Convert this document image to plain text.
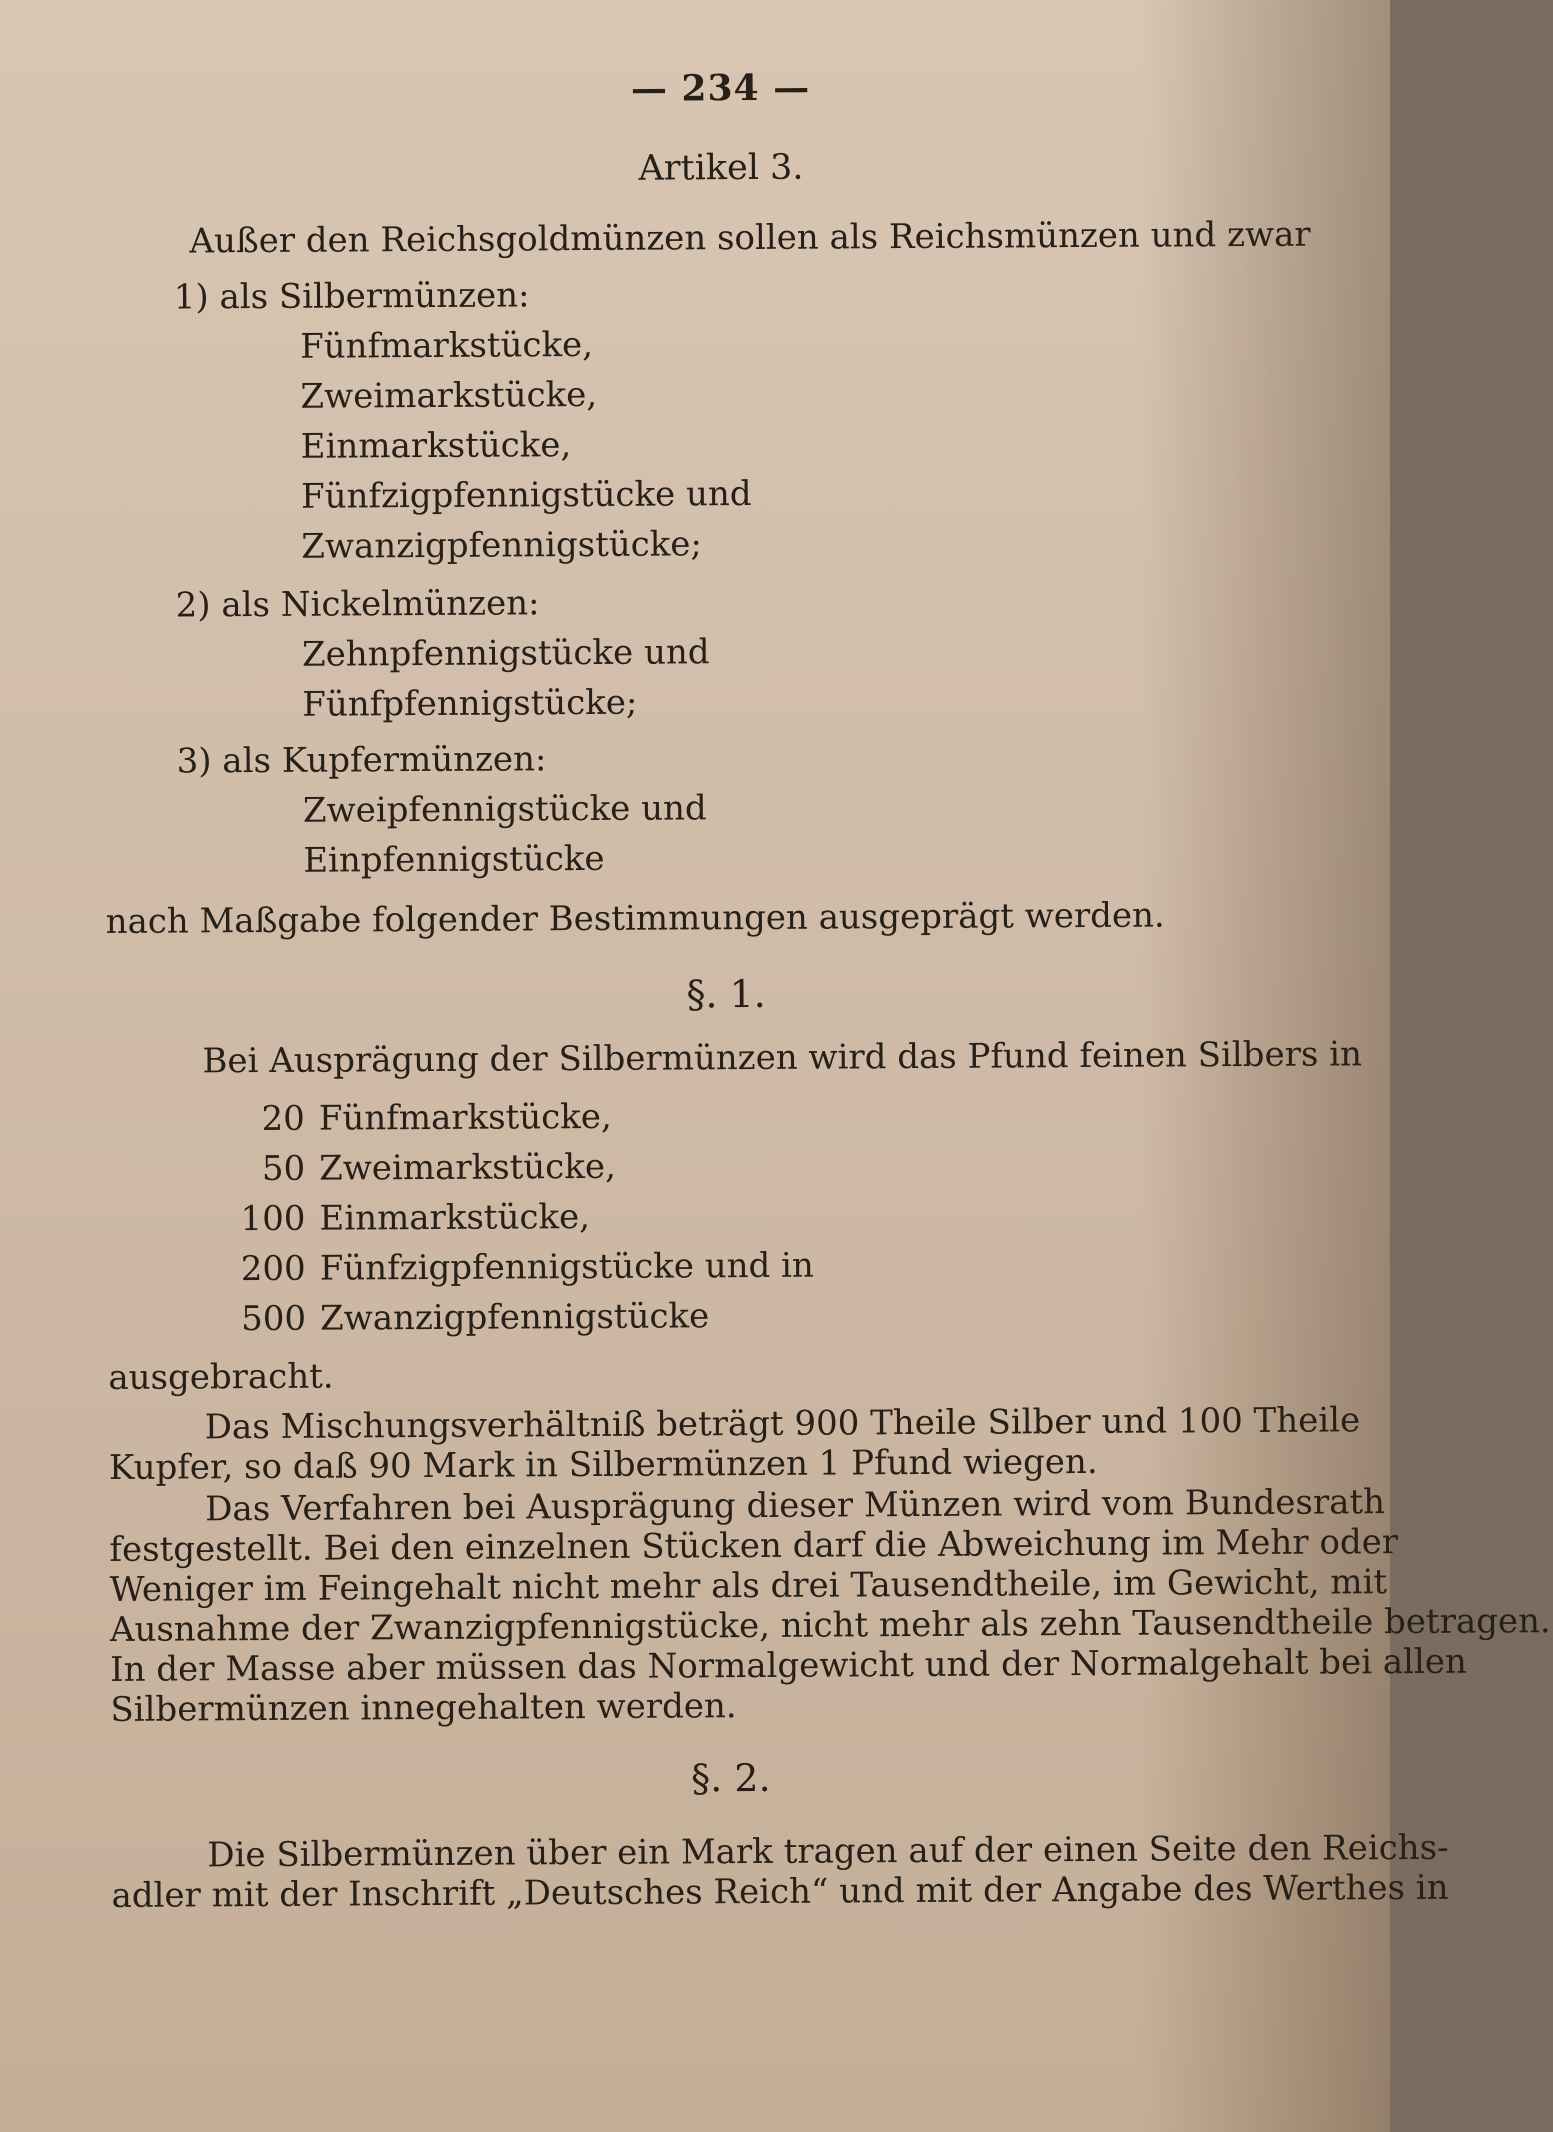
— 234 —
Artikel 3.
Außer den Reichsgoldmünzen sollen als Reichsmünzen und zwar
1) als Silbermünzen:
Fünfmarkstücke,
Zweimarkstücke,
Einmarkstücke,
Fünfzigpfennigstücke und
Zwanzigpfennigstücke;
2) als Nickelmünzen:
Zehnpfennigstücke und
Fünfpfennigstücke;
3) als Kupfermünzen:
Zweipfennigstücke und
Einpfennigstücke
nach Maßgabe folgender Bestimmungen ausgeprägt werden.
§. 1.
Bei Ausprägung der Silbermünzen wird das Pfund feinen Silbers in
20 Fünfmarkstücke,
50 Zweimarkstücke,
100 Einmarkstücke,
200 Fünfzigpfennigstücke und in
500 Zwanzigpfennigstücke
ausgebracht.
Das Mischungsverhältniß beträgt 900 Theile Silber und 100 Theile
Kupfer, so daß 90 Mark in Silbermünzen 1 Pfund wiegen.
Das Verfahren bei Ausprägung dieser Münzen wird vom Bundesrath
festgestellt. Bei den einzelnen Stücken darf die Abweichung im Mehr oder
Weniger im Feingehalt nicht mehr als drei Tausendtheile, im Gewicht, mit
Ausnahme der Zwanzigpfennigstücke, nicht mehr als zehn Tausendtheile betragen.
In der Masse aber müssen das Normalgewicht und der Normalgehalt bei allen
Silbermünzen innegehalten werden.
§. 2.
Die Silbermünzen über ein Mark tragen auf der einen Seite den Reichs-
adler mit der Inschrift „Deutsches Reich“ und mit der Angabe des Werthes in
